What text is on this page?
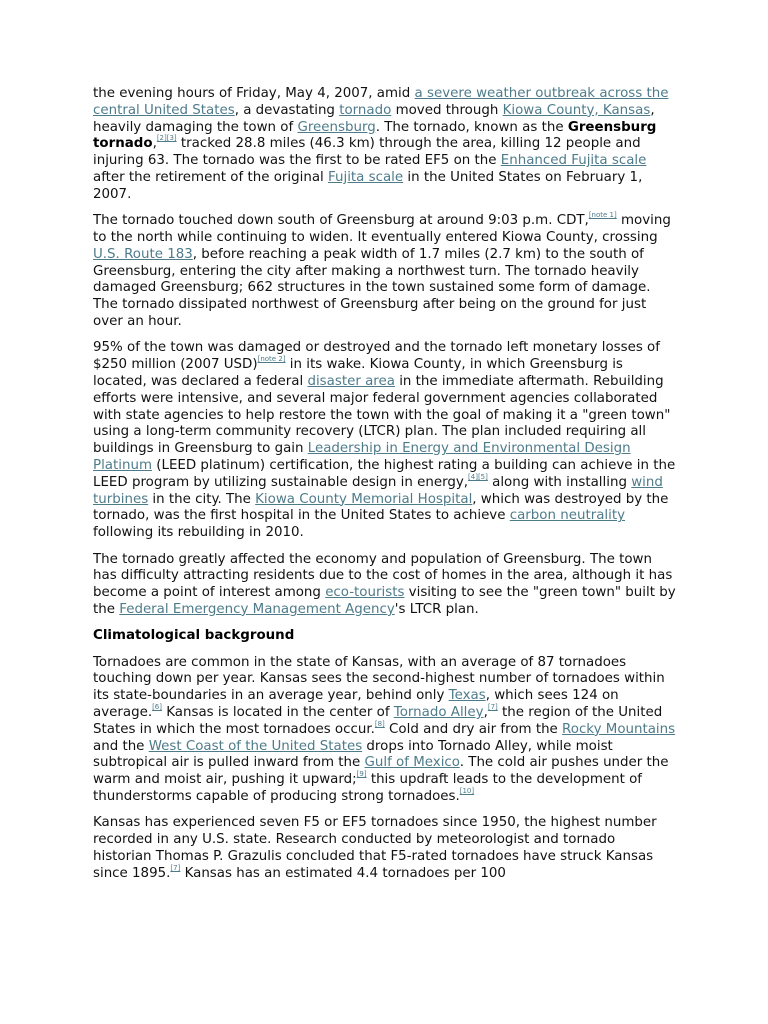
the evening hours of Friday, May 4, 2007, amid a severe weather outbreak across the central United States, a devastating tornado moved through Kiowa County, Kansas, heavily damaging the town of Greensburg. The tornado, known as the Greensburg tornado,[2][3] tracked 28.8 miles (46.3 km) through the area, killing 12 people and injuring 63. The tornado was the first to be rated EF5 on the Enhanced Fujita scale after the retirement of the original Fujita scale in the United States on February 1, 2007.

The tornado touched down south of Greensburg at around 9:03 p.m. CDT,[note 1] moving to the north while continuing to widen. It eventually entered Kiowa County, crossing U.S. Route 183, before reaching a peak width of 1.7 miles (2.7 km) to the south of Greensburg, entering the city after making a northwest turn. The tornado heavily damaged Greensburg; 662 structures in the town sustained some form of damage. The tornado dissipated northwest of Greensburg after being on the ground for just over an hour.

95% of the town was damaged or destroyed and the tornado left monetary losses of $250 million (2007 USD)[note 2] in its wake. Kiowa County, in which Greensburg is located, was declared a federal disaster area in the immediate aftermath. Rebuilding efforts were intensive, and several major federal government agencies collaborated with state agencies to help restore the town with the goal of making it a "green town" using a long-term community recovery (LTCR) plan. The plan included requiring all buildings in Greensburg to gain Leadership in Energy and Environmental Design Platinum (LEED platinum) certification, the highest rating a building can achieve in the LEED program by utilizing sustainable design in energy,[4][5] along with installing wind turbines in the city. The Kiowa County Memorial Hospital, which was destroyed by the tornado, was the first hospital in the United States to achieve carbon neutrality following its rebuilding in 2010.

The tornado greatly affected the economy and population of Greensburg. The town has difficulty attracting residents due to the cost of homes in the area, although it has become a point of interest among eco-tourists visiting to see the "green town" built by the Federal Emergency Management Agency's LTCR plan.

Climatological background

Tornadoes are common in the state of Kansas, with an average of 87 tornadoes touching down per year. Kansas sees the second-highest number of tornadoes within its state-boundaries in an average year, behind only Texas, which sees 124 on average.[6] Kansas is located in the center of Tornado Alley,[7] the region of the United States in which the most tornadoes occur.[8] Cold and dry air from the Rocky Mountains and the West Coast of the United States drops into Tornado Alley, while moist subtropical air is pulled inward from the Gulf of Mexico. The cold air pushes under the warm and moist air, pushing it upward;[9] this updraft leads to the development of thunderstorms capable of producing strong tornadoes.[10]

Kansas has experienced seven F5 or EF5 tornadoes since 1950, the highest number recorded in any U.S. state. Research conducted by meteorologist and tornado historian Thomas P. Grazulis concluded that F5-rated tornadoes have struck Kansas since 1895.[7] Kansas has an estimated 4.4 tornadoes per 100
